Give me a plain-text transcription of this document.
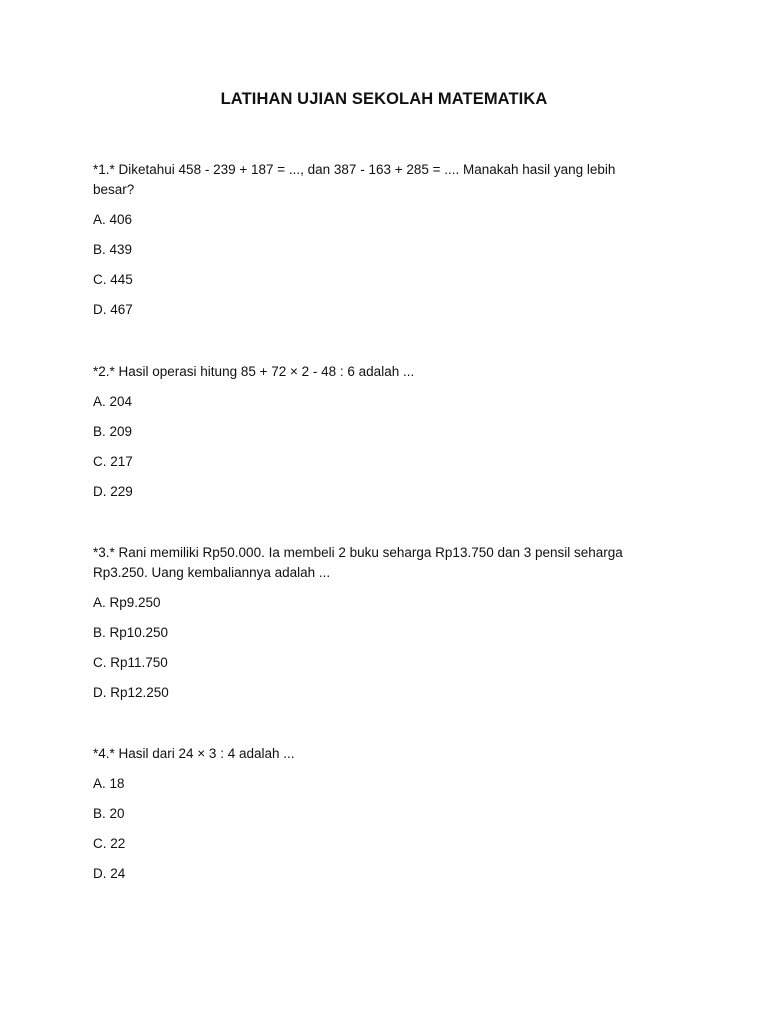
LATIHAN UJIAN SEKOLAH MATEMATIKA

*1.* Diketahui 458 - 239 + 187 = ..., dan 387 - 163 + 285 = .... Manakah hasil yang lebih besar?

A. 406
B. 439
C. 445
D. 467

*2.* Hasil operasi hitung 85 + 72 × 2 - 48 : 6 adalah ...

A. 204
B. 209
C. 217
D. 229

*3.* Rani memiliki Rp50.000. Ia membeli 2 buku seharga Rp13.750 dan 3 pensil seharga Rp3.250. Uang kembaliannya adalah ...

A. Rp9.250
B. Rp10.250
C. Rp11.750
D. Rp12.250

*4.* Hasil dari 24 × 3 : 4 adalah ...

A. 18
B. 20
C. 22
D. 24
